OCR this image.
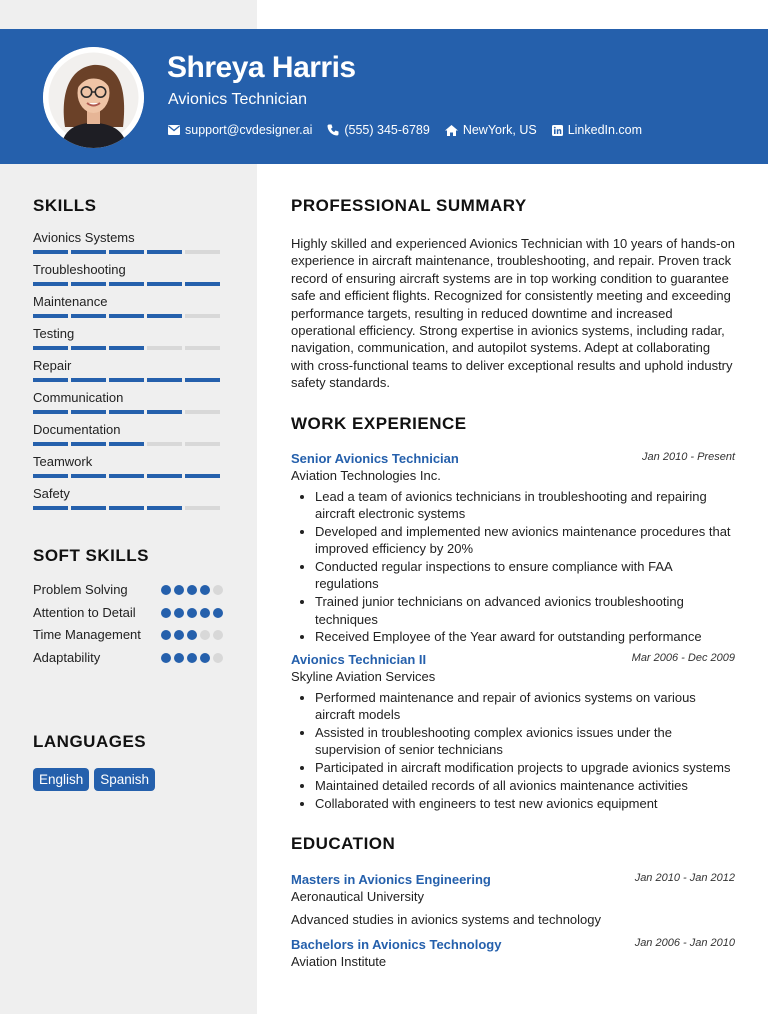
Shreya Harris
Avionics Technician
support@cvdesigner.ai	(555) 345-6789	NewYork, US LinkedIn.com
SKILLS
Avionics Systems
Troubleshooting
Maintenance
Testing
Repair
Communication
Documentation
Teamwork
Safety
SOFT SKILLS
Problem Solving
Attention to Detail
Time Management
Adaptability
LANGUAGES
English	Spanish
PROFESSIONAL SUMMARY

Highly skilled and experienced Avionics Technician with 10 years of hands-on experience in aircraft maintenance, troubleshooting, and repair. Proven track record of ensuring aircraft systems are in top working condition to guarantee safe and efficient flights. Recognized for consistently meeting and exceeding performance targets, resulting in reduced downtime and increased operational efficiency. Strong expertise in avionics systems, including radar, navigation, communication, and autopilot systems. Adept at collaborating with cross-functional teams to deliver exceptional results and uphold industry safety standards.

WORK EXPERIENCE
Senior Avionics Technician	Jan 2010 - Present
Aviation Technologies Inc.
• Lead a team of avionics technicians in troubleshooting and repairing aircraft electronic systems
• Developed and implemented new avionics maintenance procedures that improved efficiency by 20%
• Conducted regular inspections to ensure compliance with FAA regulations
• Trained junior technicians on advanced avionics troubleshooting techniques
• Received Employee of the Year award for outstanding performance
Avionics Technician II	Mar 2006 - Dec 2009
Skyline Aviation Services
• Performed maintenance and repair of avionics systems on various aircraft models
• Assisted in troubleshooting complex avionics issues under the supervision of senior technicians
• Participated in aircraft modification projects to upgrade avionics systems
• Maintained detailed records of all avionics maintenance activities
• Collaborated with engineers to test new avionics equipment
EDUCATION
Masters in Avionics Engineering	Jan 2010 - Jan 2012
Aeronautical University
Advanced studies in avionics systems and technology
Bachelors in Avionics Technology	Jan 2006 - Jan 2010
Aviation Institute
